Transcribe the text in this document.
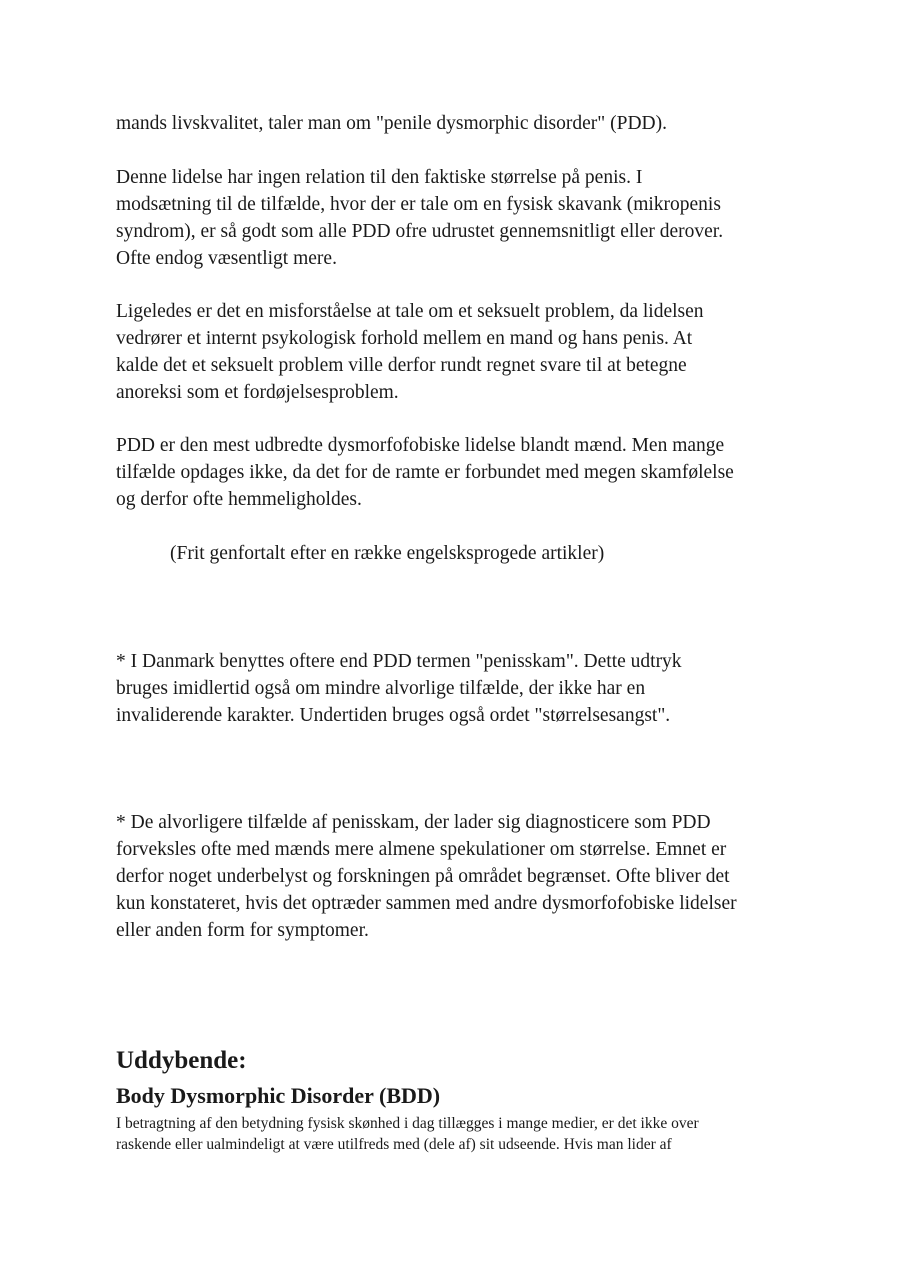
mands livskvalitet, taler man om "penile dysmorphic disorder" (PDD).

Denne lidelse har ingen relation til den faktiske størrelse på penis. I
modsætning til de tilfælde, hvor der er tale om en fysisk skavank (mikropenis
syndrom), er så godt som alle PDD ofre udrustet gennemsnitligt eller derover.
Ofte endog væsentligt mere.
Ligeledes er det en misforståelse at tale om et seksuelt problem, da lidelsen
vedrører et internt psykologisk forhold mellem en mand og hans penis. At
kalde det et seksuelt problem ville derfor rundt regnet svare til at betegne
anoreksi som et fordøjelsesproblem.
PDD er den mest udbredte dysmorfofobiske lidelse blandt mænd. Men mange
tilfælde opdages ikke, da det for de ramte er forbundet med megen skamfølelse
og derfor ofte hemmeligholdes.

(Frit genfortalt efter en række engelsksprogede artikler)

* I Danmark benyttes oftere end PDD termen "penisskam". Dette udtryk
bruges imidlertid også om mindre alvorlige tilfælde, der ikke har en
invaliderende karakter. Undertiden bruges også ordet "størrelsesangst".
* De alvorligere tilfælde af penisskam, der lader sig diagnosticere som PDD
forveksles ofte med mænds mere almene spekulationer om størrelse. Emnet er
derfor noget underbelyst og forskningen på området begrænset. Ofte bliver det
kun konstateret, hvis det optræder sammen med andre dysmorfofobiske lidelser
eller anden form for symptomer.
Uddybende:
Body Dysmorphic Disorder (BDD)
I betragtning af den betydning fysisk skønhed i dag tillægges i mange medier, er det ikke over
raskende eller ualmindeligt at være utilfreds med (dele af) sit udseende. Hvis man lider af
